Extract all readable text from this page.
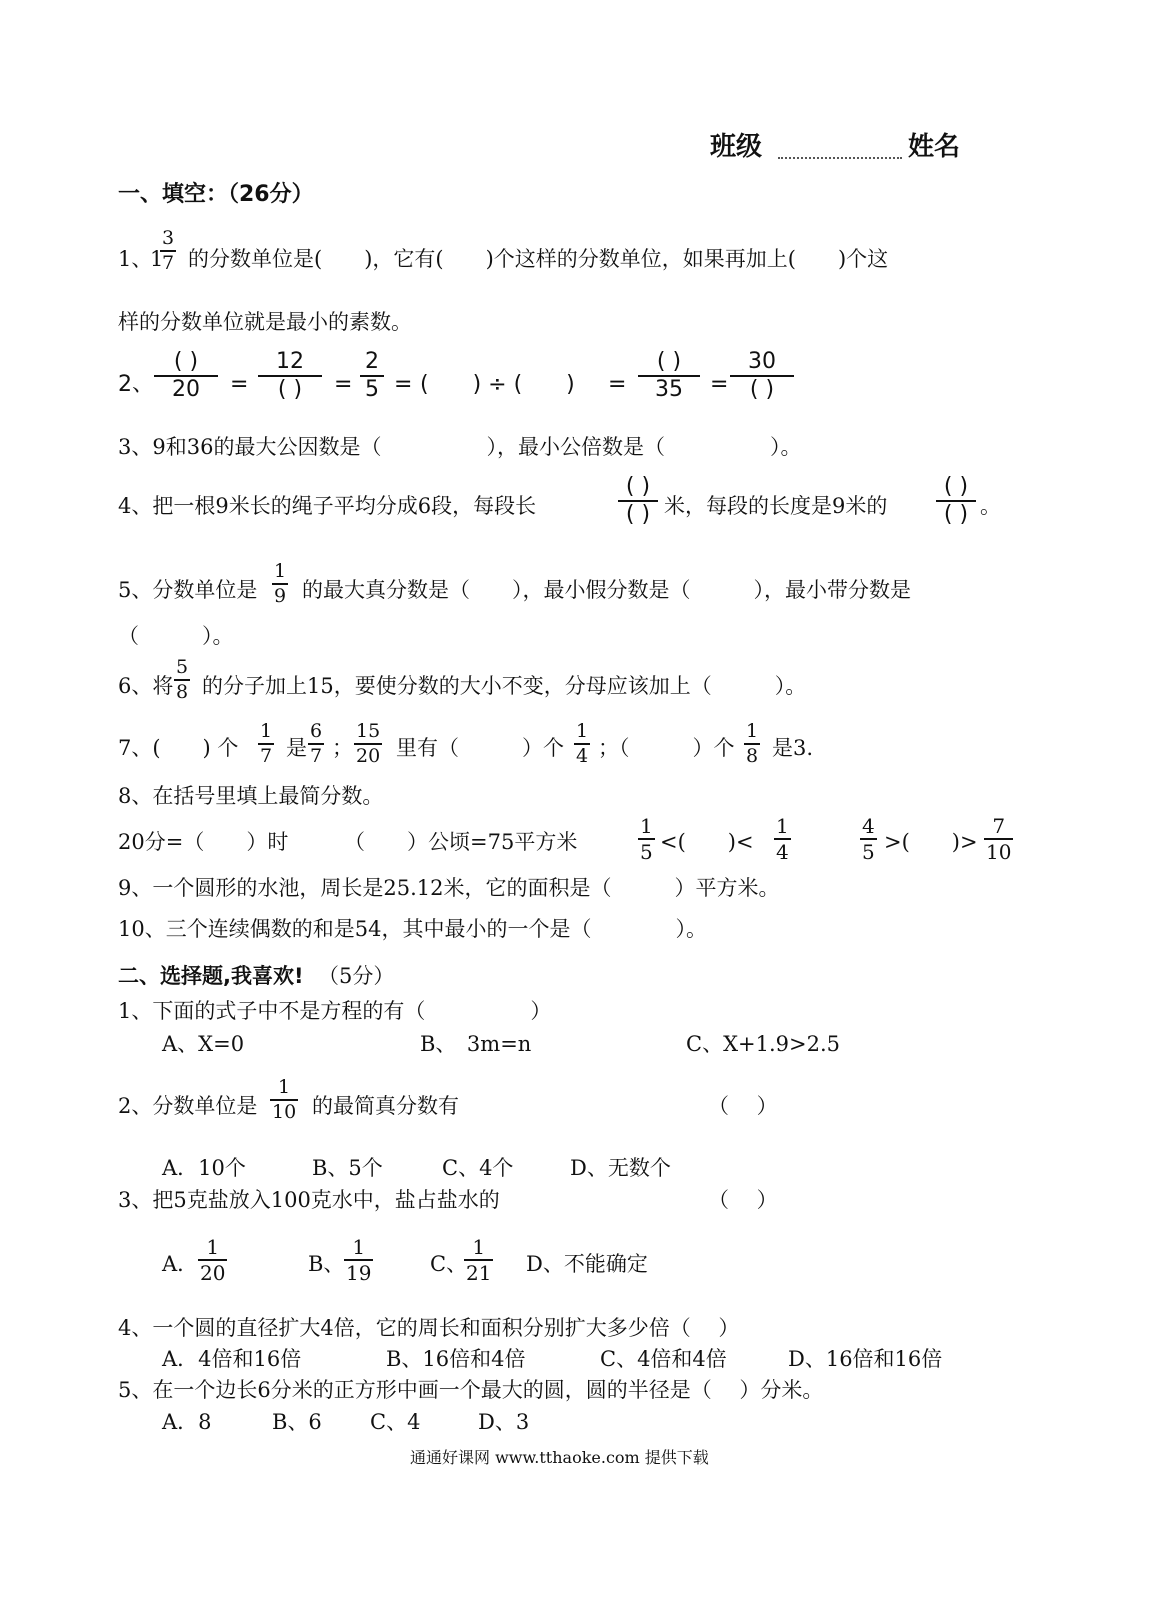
班级	姓名
一、填空：（26分）
1、
1
$\frac{3}{7}$ 的分数单位是(　　)，它有(　　)个这样的分数单位，如果再加上(　　)个这
样的分数单位就是最小的素数。
2、
( )
20	=
12
( )	= $\frac{2}{5}$ = (　　) ÷ (　　) =
( )
35	=
30
( )
3、9和36的最大公因数是（　　　　　），最小公倍数是（　　　　　）。
4、把一根9米长的绳子平均分成6段，每段长
( )
( ) 米，每段的长度是9米的
( )
( ) 。
5、分数单位是 $\frac{1}{9}$ 的最大真分数是（　　），最小假分数是（　　　），最小带分数是
（　　　）。
6、将 $\frac{5}{8}$ 的分子加上15，要使分数的大小不变，分母应该加上（　　　）。
7、(　　) 个 $\frac{1}{7}$ 是 $\frac{6}{7}$ ； $\frac{15}{20}$ 里有（　　　）个 $\frac{1}{4}$ ；（　　　）个 $\frac{1}{8}$ 是3.
8、在括号里填上最简分数。
20分=（　　）时	（　　）公顷=75平方米	$\frac{1}{5}$ <(　　)< $\frac{1}{4}$	$\frac{4}{5}$ >(　　)> $\frac{7}{10}$
9、一个圆形的水池，周长是25.12米，它的面积是（　　　）平方米。
10、三个连续偶数的和是54，其中最小的一个是（　　　　）。
二、选择题,我喜欢! （5分）
1、下面的式子中不是方程的有（　　　　　）
A、X=0	B、　3m=n	C、X+1.9>2.5
2、分数单位是 $\frac{1}{10}$ 的最简真分数有	（　 ）
A．10个	B、5个	C、4个	D、无数个
3、把5克盐放入100克水中，盐占盐水的	（　 ）
A． $\frac{1}{20}$	B、 $\frac{1}{19}$	C、
$\frac{1}{21}$ D、不能确定
4、一个圆的直径扩大4倍，它的周长和面积分别扩大多少倍（　 ）
A．4倍和16倍	B、16倍和4倍	C、4倍和4倍	D、16倍和16倍
5、在一个边长6分米的正方形中画一个最大的圆，圆的半径是（　 ）分米。
A．8	B、6 C、4	D、3
通通好课网 www.tthaoke.com 提供下载
